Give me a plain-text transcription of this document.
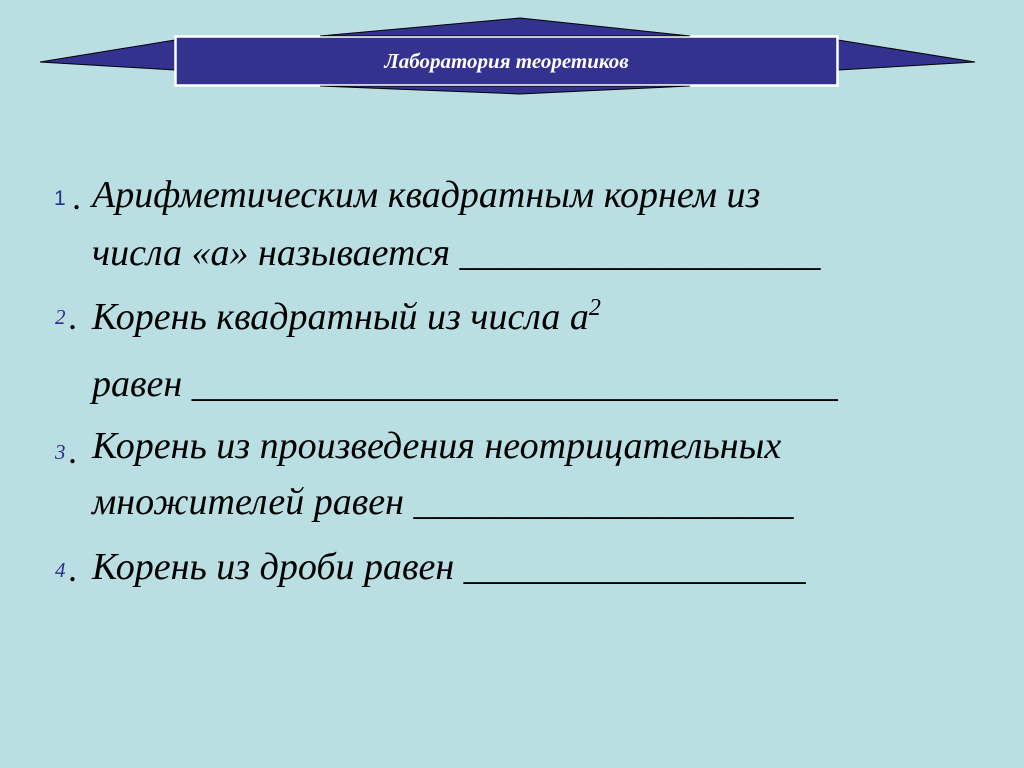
Лаборатория теоретиков
1 . Арифметическим квадратным корнем из
числа «а» называется ___________________
2 . Корень квадратный из числа $а^2$
равен __________________________________
3 . Корень из произведения неотрицательных
множителей равен ____________________
4 . Корень из дроби равен __________________
